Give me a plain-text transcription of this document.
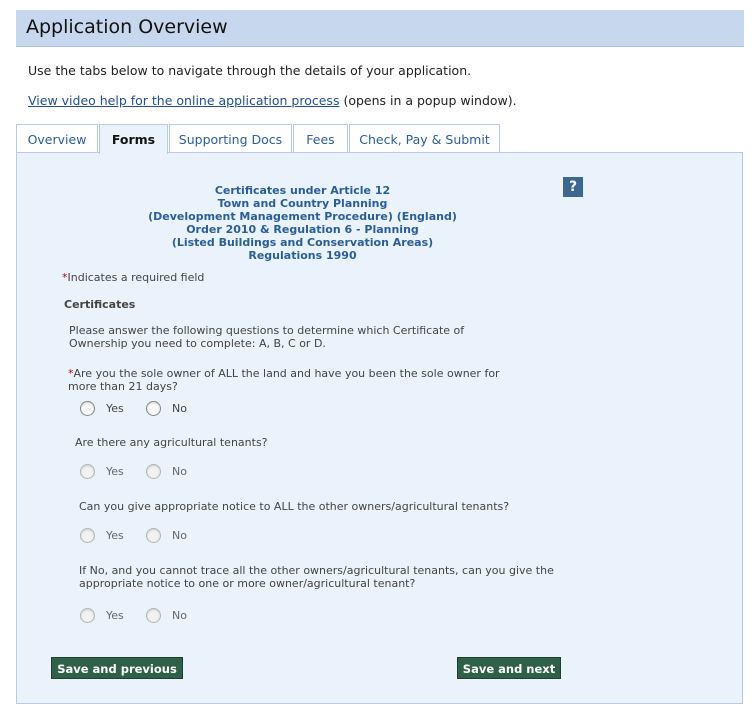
Application Overview
Use the tabs below to navigate through the details of your application.
View video help for the online application process (opens in a popup window).
Overview	Forms	Supporting Docs	Fees	Check, Pay & Submit
?
Certificates under Article 12
Town and Country Planning
(Development Management Procedure) (England)
Order 2010 & Regulation 6 - Planning
(Listed Buildings and Conservation Areas)
Regulations 1990
*Indicates a required field
Certificates
Please answer the following questions to determine which Certificate of Ownership you need to complete: A, B, C or D.
*Are you the sole owner of ALL the land and have you been the sole owner for more than 21 days?
Yes	No
Are there any agricultural tenants?
Yes	No
Can you give appropriate notice to ALL the other owners/agricultural tenants?
Yes	No
If No, and you cannot trace all the other owners/agricultural tenants, can you give the appropriate notice to one or more owner/agricultural tenant?
Yes	No
Save and previous	Save and next
